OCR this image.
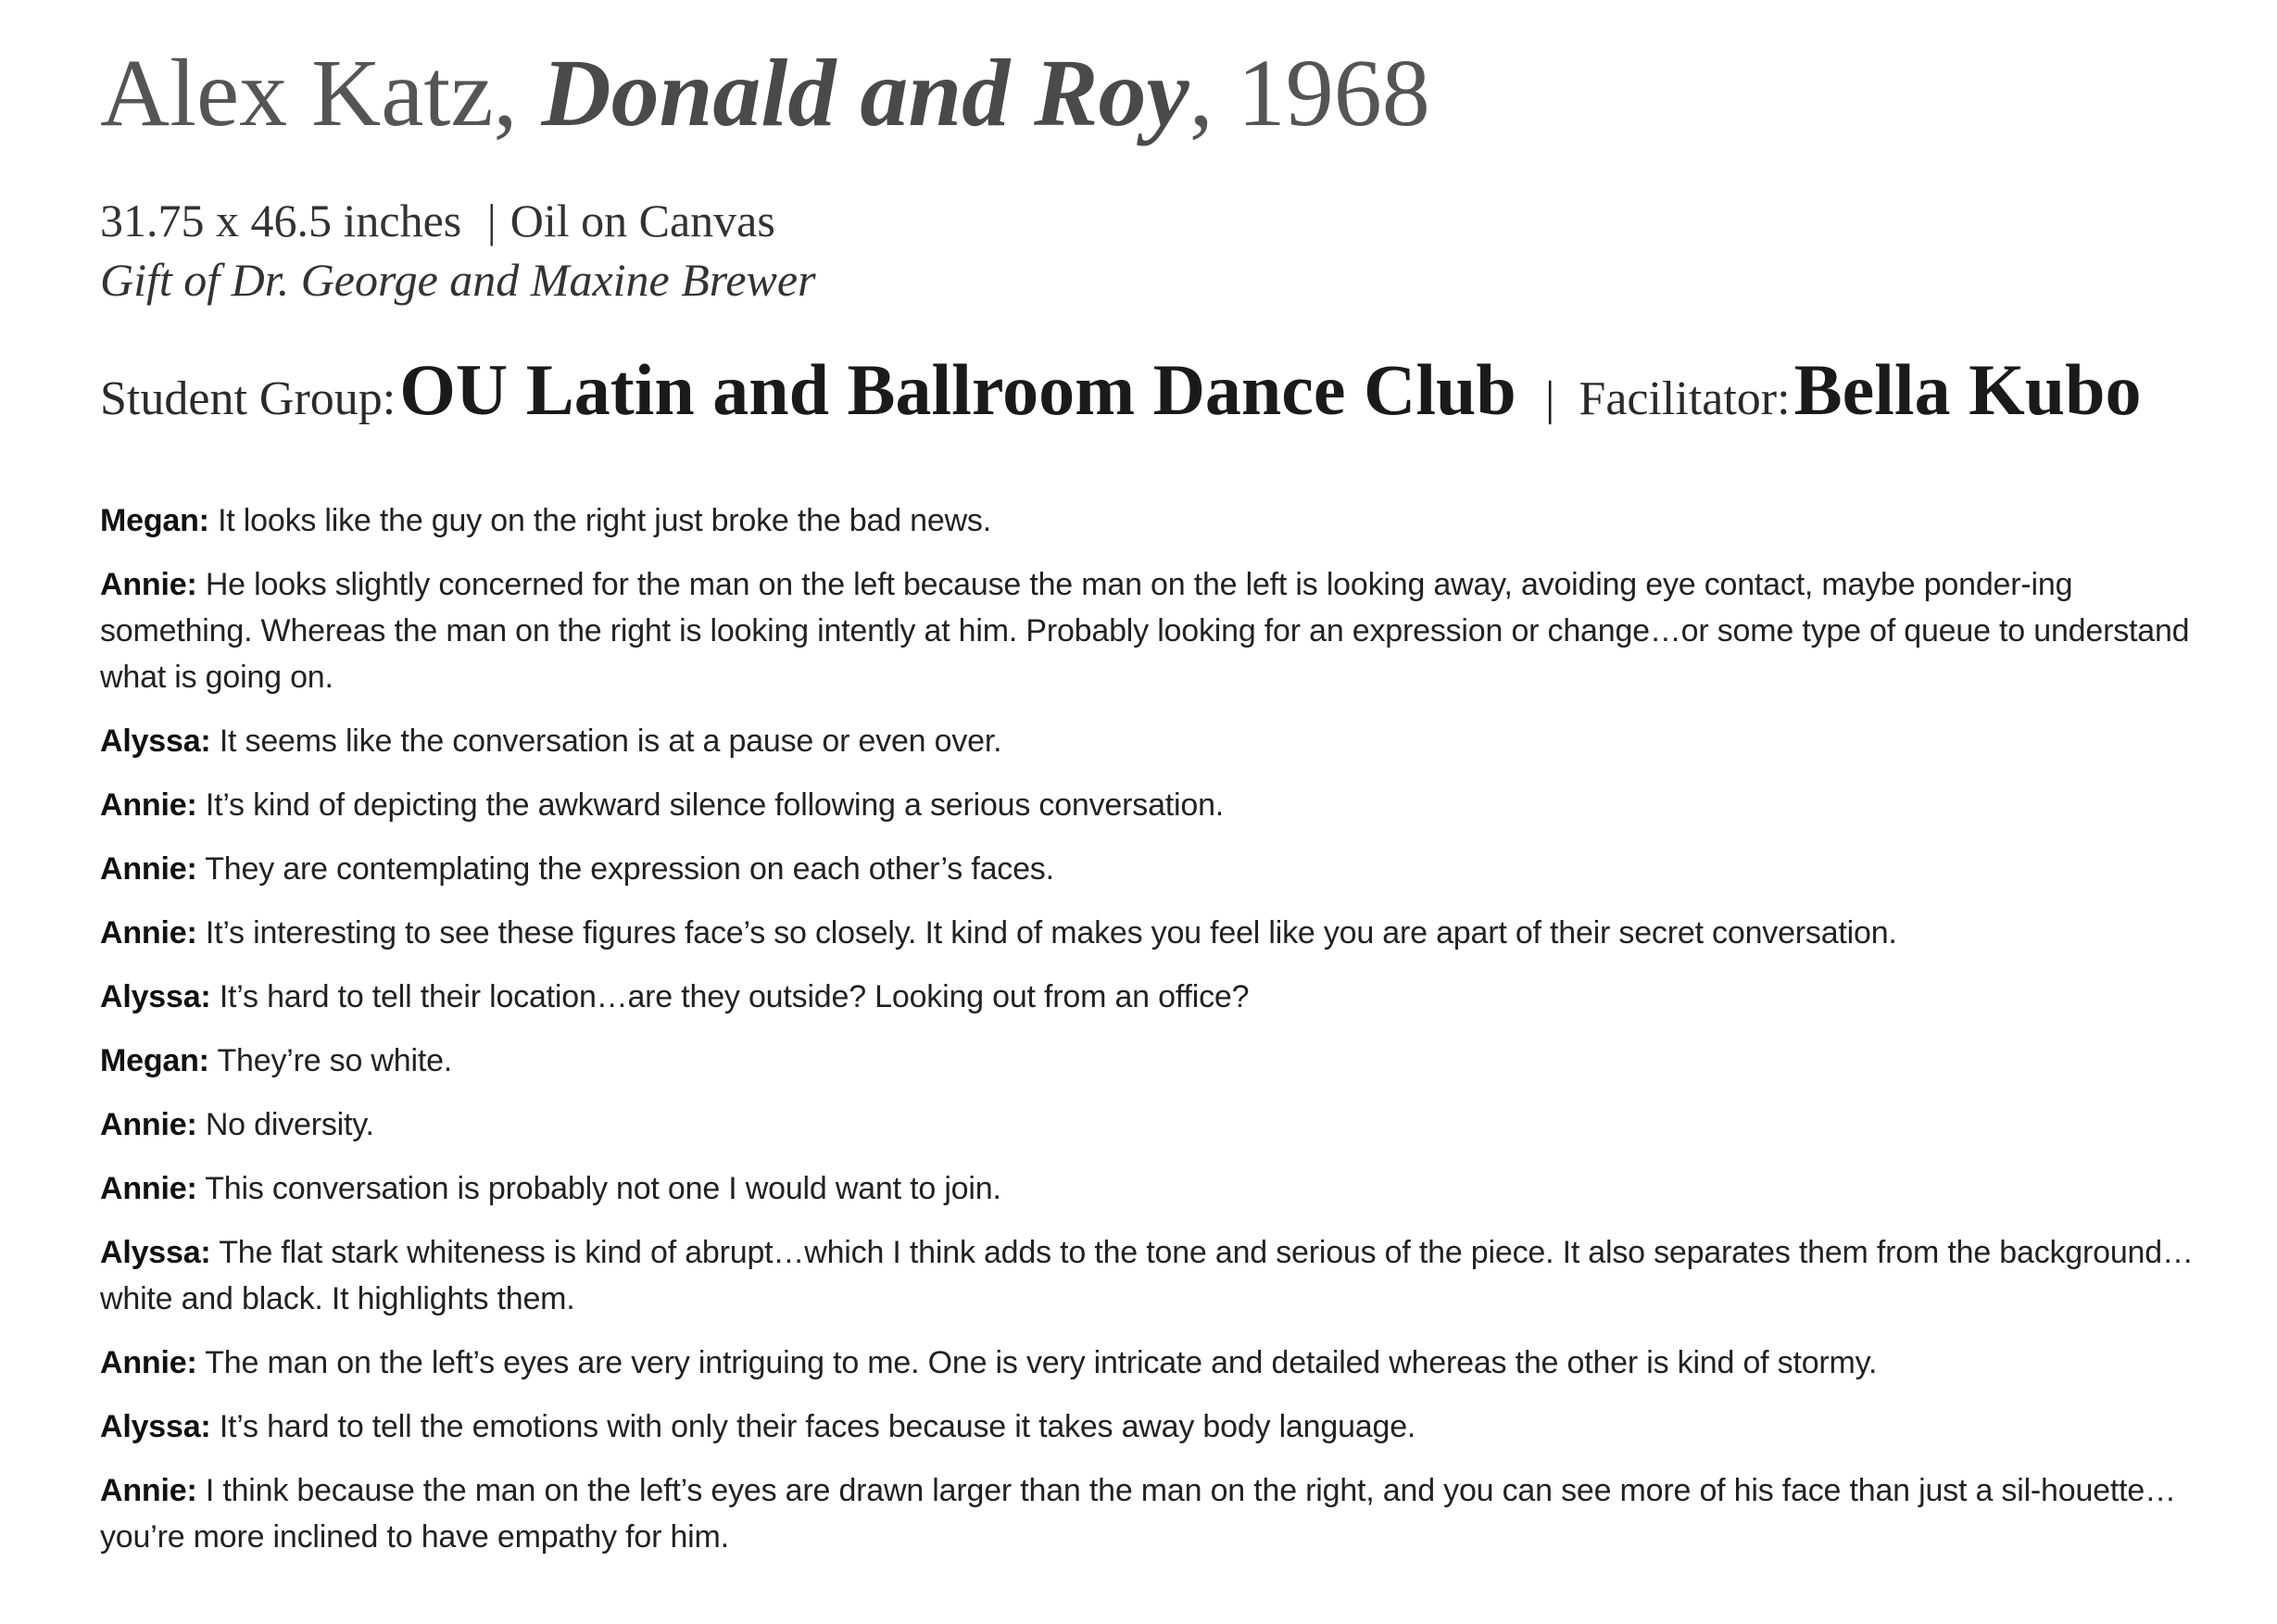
Alex Katz, Donald and Roy, 1968
31.75 x 46.5 inches | Oil on Canvas
Gift of Dr. George and Maxine Brewer
Student Group: OU Latin and Ballroom Dance Club | Facilitator: Bella Kubo

Megan: It looks like the guy on the right just broke the bad news.

Annie: He looks slightly concerned for the man on the left because the man on the left is looking away, avoiding eye contact, maybe ponder-ing something. Whereas the man on the right is looking intently at him. Probably looking for an expression or change…or some type of queue to understand what is going on.

Alyssa: It seems like the conversation is at a pause or even over.

Annie: It’s kind of depicting the awkward silence following a serious conversation.

Annie: They are contemplating the expression on each other’s faces.

Annie: It’s interesting to see these figures face’s so closely. It kind of makes you feel like you are apart of their secret conversation.

Alyssa: It’s hard to tell their location…are they outside? Looking out from an office?

Megan: They’re so white.

Annie: No diversity.

Annie: This conversation is probably not one I would want to join.

Alyssa: The flat stark whiteness is kind of abrupt…which I think adds to the tone and serious of the piece. It also separates them from the background…white and black. It highlights them.

Annie: The man on the left’s eyes are very intriguing to me. One is very intricate and detailed whereas the other is kind of stormy.

Alyssa: It’s hard to tell the emotions with only their faces because it takes away body language.

Annie: I think because the man on the left’s eyes are drawn larger than the man on the right, and you can see more of his face than just a sil-houette…you’re more inclined to have empathy for him.
